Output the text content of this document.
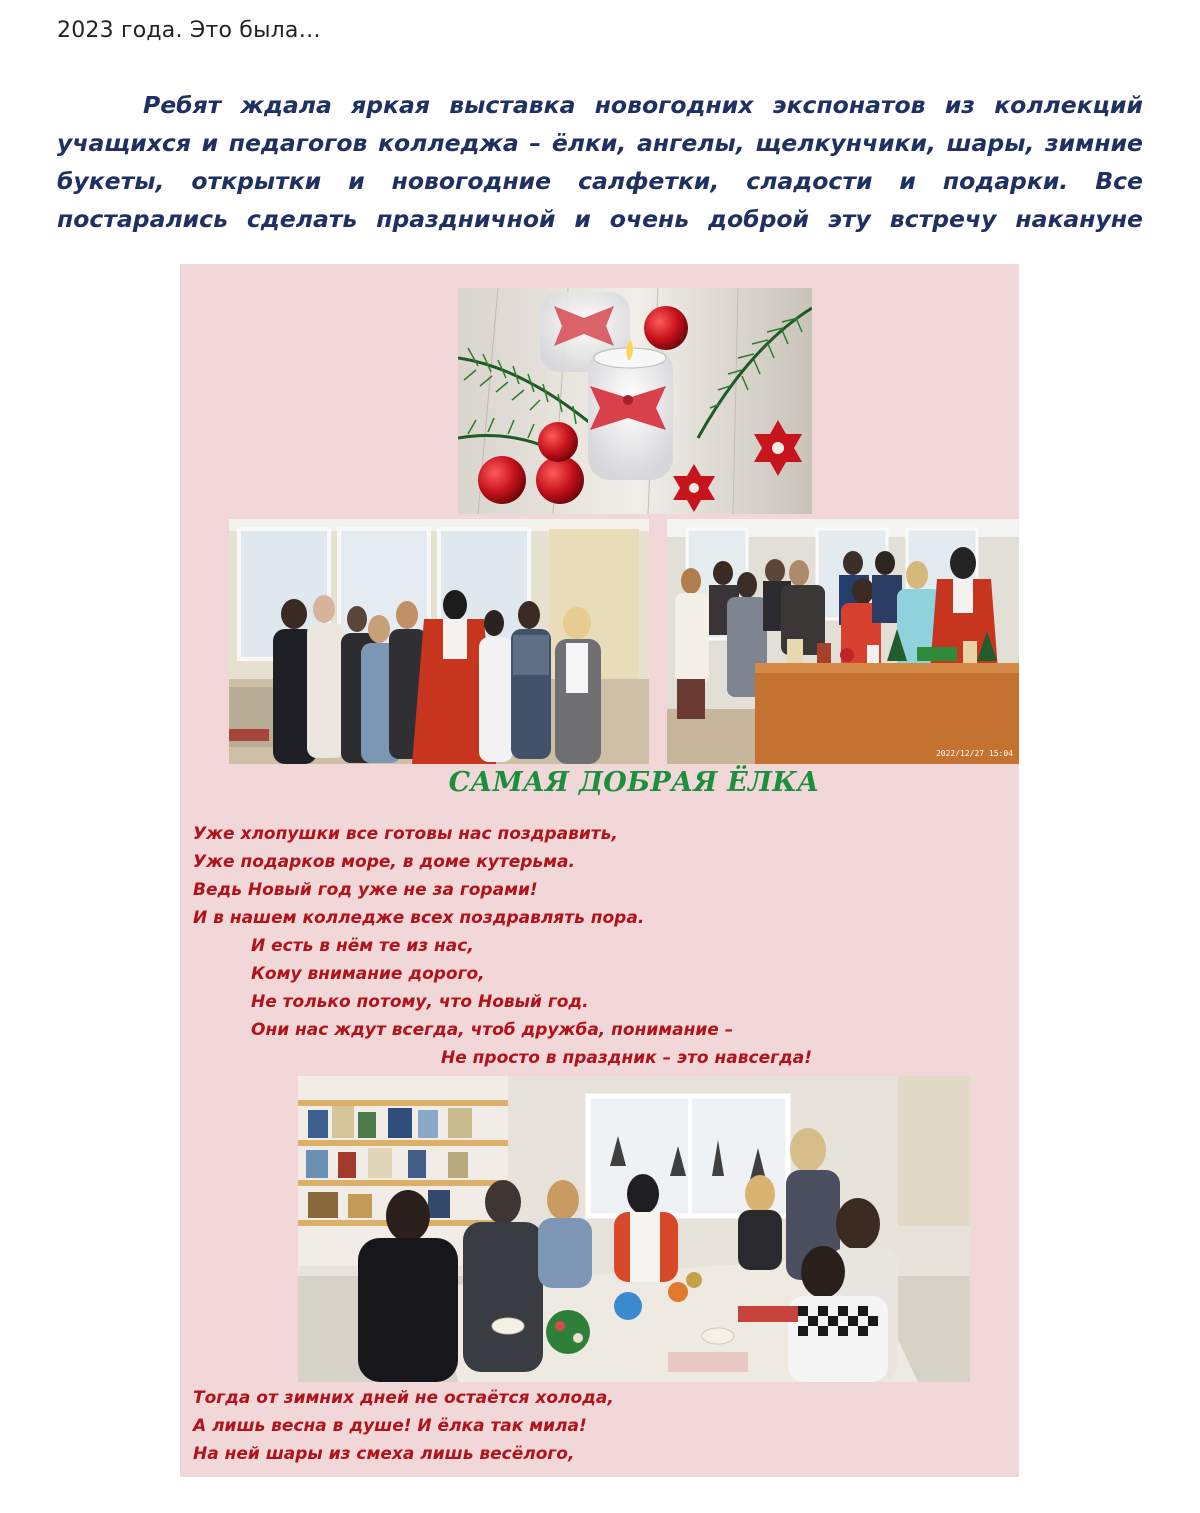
2023 года. Это была…
Ребят ждала яркая выставка новогодних экспонатов из коллекций учащихся и педагогов колледжа – ёлки, ангелы, щелкунчики, шары, зимние букеты, открытки и новогодние салфетки, сладости и подарки. Все постарались сделать праздничной и очень доброй эту встречу накануне
2022/12/27 15:04
САМАЯ ДОБРАЯ ЁЛКА
Уже хлопушки все готовы нас поздравить,
Уже подарков море, в доме кутерьма.
Ведь Новый год уже не за горами!
И в нашем колледже всех поздравлять пора.
И есть в нём те из нас,
Кому внимание дорого,
Не только потому, что Новый год.
Они нас ждут всегда, чтоб дружба, понимание –
Не просто в праздник – это навсегда!
Тогда от зимних дней не остаётся холода,
А лишь весна в душе! И ёлка так мила!
На ней шары из смеха лишь весёлого,
